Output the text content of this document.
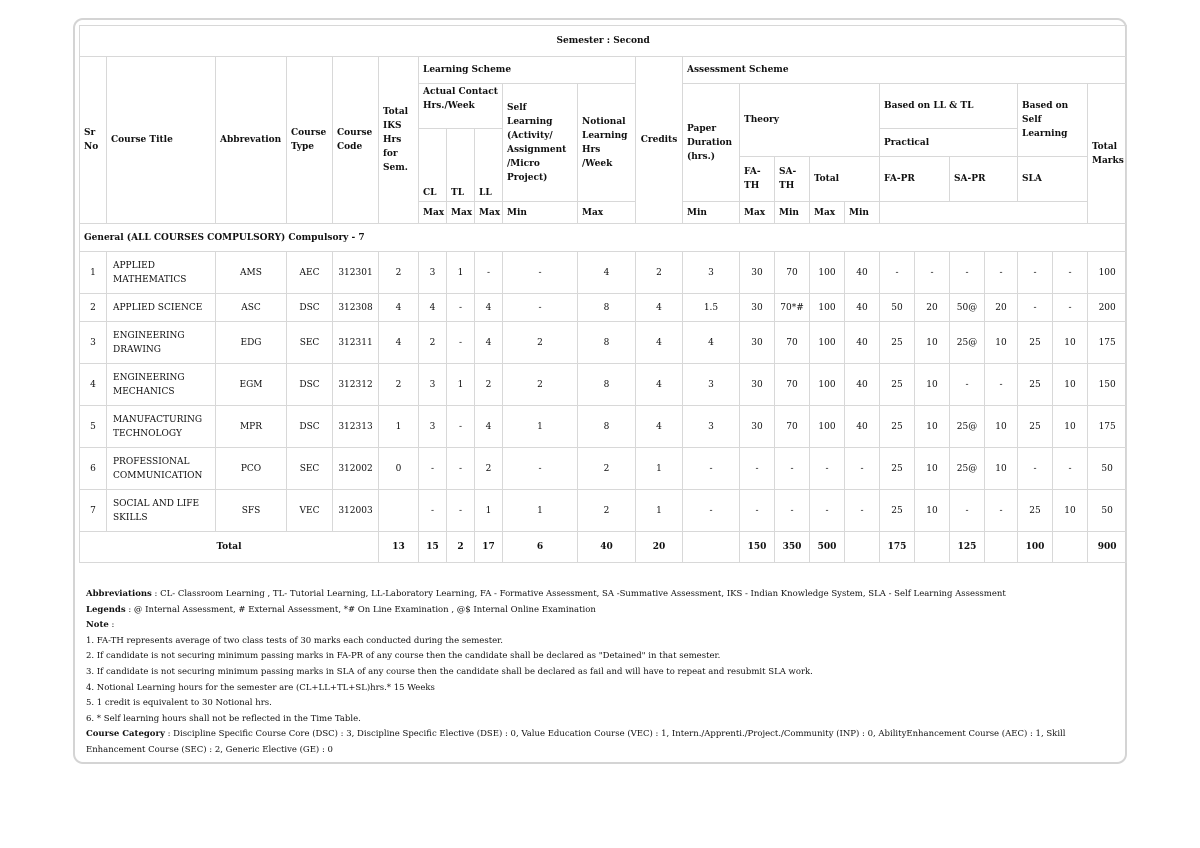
Semester : Second																							
Sr No	Course Title	Abbrevation	Course Type	Course Code	Total IKS Hrs for Sem.	Learning Scheme					Credits	Assessment Scheme											
						Actual Contact Hrs./Week			Self Learning (Activity/ Assignment /Micro Project)	Notional Learning Hrs /Week		Paper Duration (hrs.)	Theory				Based on LL & TL				Based on Self Learning		Total Marks
						CL	TL	LL									Practical						
													FA-TH	SA-TH	Total		FA-PR		SA-PR		SLA		

						Max	Max	Max	Min	Max		Min	Max	Min	Max	Min							
General (ALL COURSES COMPULSORY) Compulsory - 7																							
1	APPLIED MATHEMATICS	AMS	AEC	312301	2	3	1	-	-	4	2	3	30	70	100	40	-	-	-	-	-	-	100
2	APPLIED SCIENCE	ASC	DSC	312308	4	4	-	4	-	8	4	1.5	30	70*#	100	40	50	20	50@	20	-	-	200
3	ENGINEERING DRAWING	EDG	SEC	312311	4	2	-	4	2	8	4	4	30	70	100	40	25	10	25@	10	25	10	175
4	ENGINEERING MECHANICS	EGM	DSC	312312	2	3	1	2	2	8	4	3	30	70	100	40	25	10	-	-	25	10	150
5	MANUFACTURING TECHNOLOGY	MPR	DSC	312313	1	3	-	4	1	8	4	3	30	70	100	40	25	10	25@	10	25	10	175
6	PROFESSIONAL COMMUNICATION	PCO	SEC	312002	0	-	-	2	-	2	1	-	-	-	-	-	25	10	25@	10	-	-	50
7	SOCIAL AND LIFE SKILLS	SFS	VEC	312003		-	-	1	1	2	1	-	-	-	-	-	25	10	-	-	25	10	50
Total					13	15	2	17	6	40	20		150	350	500		175		125		100		900
Abbreviations : CL- Classroom Learning , TL- Tutorial Learning, LL-Laboratory Learning, FA - Formative Assessment, SA -Summative Assessment, IKS - Indian Knowledge System, SLA - Self Learning Assessment
Legends : @ Internal Assessment, # External Assessment, *# On Line Examination , @$ Internal Online Examination
Note :
1. FA-TH represents average of two class tests of 30 marks each conducted during the semester.
2. If candidate is not securing minimum passing marks in FA-PR of any course then the candidate shall be declared as "Detained" in that semester.
3. If candidate is not securing minimum passing marks in SLA of any course then the candidate shall be declared as fail and will have to repeat and resubmit SLA work.
4. Notional Learning hours for the semester are (CL+LL+TL+SL)hrs.* 15 Weeks
5. 1 credit is equivalent to 30 Notional hrs.
6. * Self learning hours shall not be reflected in the Time Table.
Course Category : Discipline Specific Course Core (DSC) : 3, Discipline Specific Elective (DSE) : 0, Value Education Course (VEC) : 1, Intern./Apprenti./Project./Community (INP) : 0, AbilityEnhancement Course (AEC) : 1, Skill Enhancement Course (SEC) : 2, Generic Elective (GE) : 0
